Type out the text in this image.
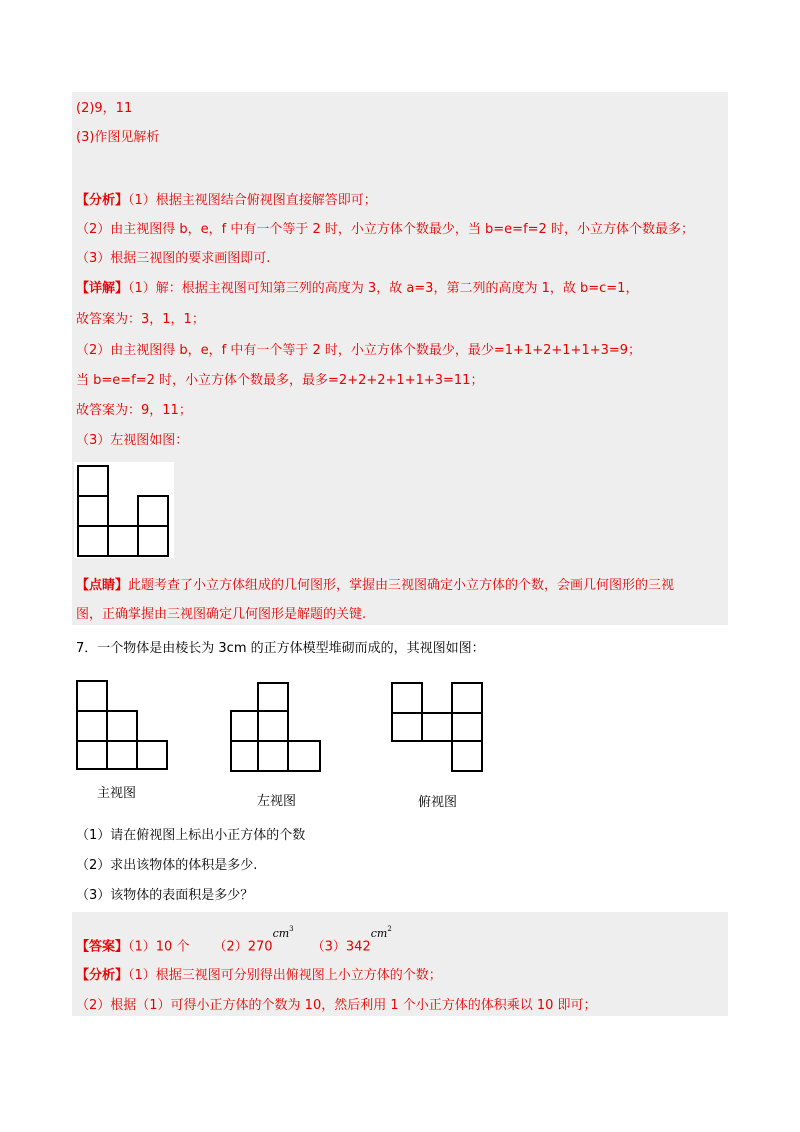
(2)9，11
(3)作图见解析
【分析】（1）根据主视图结合俯视图直接解答即可；
（2）由主视图得 b，e，f 中有一个等于 2 时，小立方体个数最少，当 b=e=f=2 时，小立方体个数最多；
（3）根据三视图的要求画图即可.
【详解】（1）解：根据主视图可知第三列的高度为 3，故 a=3，第二列的高度为 1，故 b=c=1，
故答案为：3，1，1；
（2）由主视图得 b，e，f 中有一个等于 2 时，小立方体个数最少，最少=1+1+2+1+1+3=9；
当 b=e=f=2 时，小立方体个数最多，最多=2+2+2+1+1+3=11；
故答案为：9，11；
（3）左视图如图：
【点睛】此题考查了小立方体组成的几何图形，掌握由三视图确定小立方体的个数，会画几何图形的三视
图，正确掌握由三视图确定几何图形是解题的关键.
7．一个物体是由棱长为 3cm 的正方体模型堆砌而成的，其视图如图：
主视图
左视图	俯视图
（1）请在俯视图上标出小正方体的个数
（2）求出该物体的体积是多少.
（3）该物体的表面积是多少？
【答案】（1）10 个 $(2)270^{cm^3}(3)342^{cm^2}$
【分析】（1）根据三视图可分别得出俯视图上小立方体的个数；
（2）根据（1）可得小正方体的个数为 10，然后利用 1 个小正方体的体积乘以 10 即可；
